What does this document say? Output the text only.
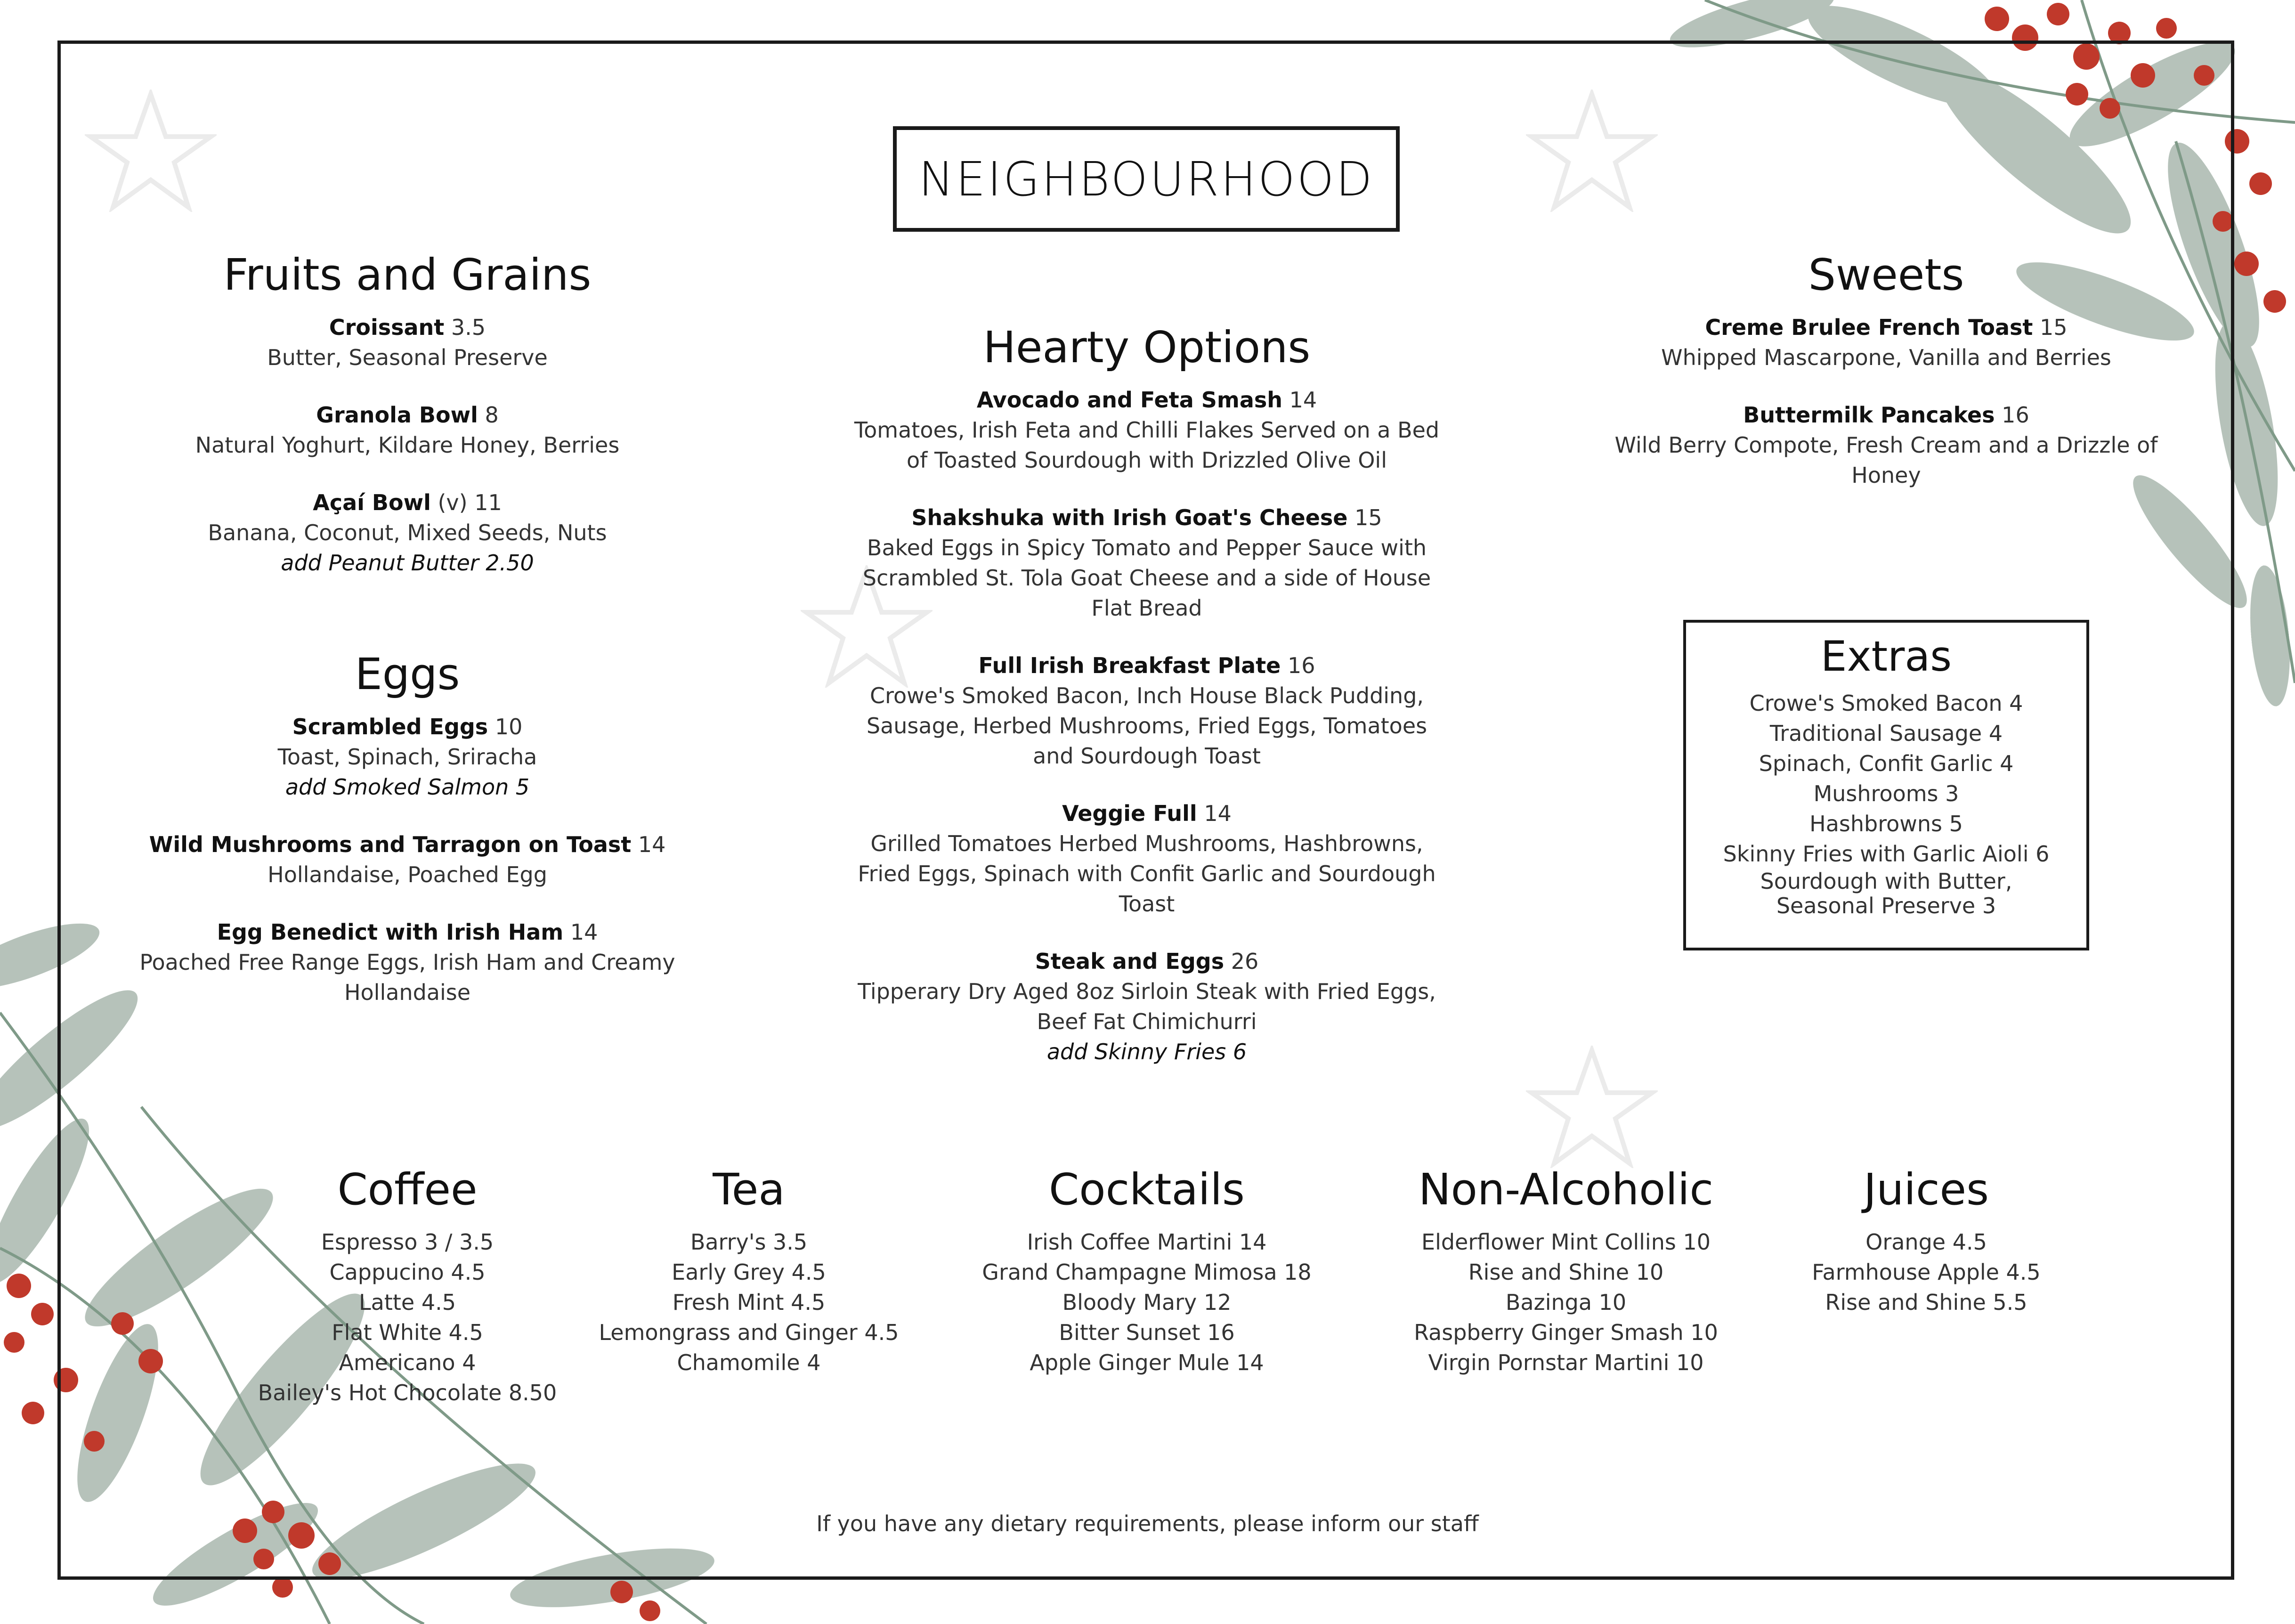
NEIGHBOURHOOD
Fruits and Grains
Croissant 3.5
Butter, Seasonal Preserve
Granola Bowl 8
Natural Yoghurt, Kildare Honey, Berries
Açaí Bowl (v) 11
Banana, Coconut, Mixed Seeds, Nuts
add Peanut Butter 2.50
Eggs
Scrambled Eggs 10
Toast, Spinach, Sriracha
add Smoked Salmon 5
Wild Mushrooms and Tarragon on Toast 14
Hollandaise, Poached Egg
Egg Benedict with Irish Ham 14
Poached Free Range Eggs, Irish Ham and Creamy Hollandaise
Hearty Options
Avocado and Feta Smash 14
Tomatoes, Irish Feta and Chilli Flakes Served on a Bed of Toasted Sourdough with Drizzled Olive Oil
Shakshuka with Irish Goat's Cheese 15
Baked Eggs in Spicy Tomato and Pepper Sauce with Scrambled St. Tola Goat Cheese and a side of House Flat Bread
Full Irish Breakfast Plate 16
Crowe's Smoked Bacon, Inch House Black Pudding, Sausage, Herbed Mushrooms, Fried Eggs, Tomatoes and Sourdough Toast
Veggie Full 14
Grilled Tomatoes Herbed Mushrooms, Hashbrowns, Fried Eggs, Spinach with Confit Garlic and Sourdough Toast
Steak and Eggs 26
Tipperary Dry Aged 8oz Sirloin Steak with Fried Eggs, Beef Fat Chimichurri
add Skinny Fries 6
Sweets
Creme Brulee French Toast 15
Whipped Mascarpone, Vanilla and Berries
Buttermilk Pancakes 16
Wild Berry Compote, Fresh Cream and a Drizzle of Honey
Extras
Crowe's Smoked Bacon 4
Traditional Sausage 4
Spinach, Confit Garlic 4
Mushrooms 3
Hashbrowns 5
Skinny Fries with Garlic Aioli 6
Sourdough with Butter,
Seasonal Preserve 3
Coffee
Espresso 3 / 3.5
Cappucino 4.5
Latte 4.5
Flat White 4.5
Americano 4
Bailey's Hot Chocolate 8.50
Tea
Barry's 3.5
Early Grey 4.5
Fresh Mint 4.5
Lemongrass and Ginger 4.5
Chamomile 4
Cocktails
Irish Coffee Martini 14
Grand Champagne Mimosa 18
Bloody Mary 12
Bitter Sunset 16
Apple Ginger Mule 14
Non-Alcoholic
Elderflower Mint Collins 10
Rise and Shine 10
Bazinga 10
Raspberry Ginger Smash 10
Virgin Pornstar Martini 10
Juices
Orange 4.5
Farmhouse Apple 4.5
Rise and Shine 5.5
If you have any dietary requirements, please inform our staff
